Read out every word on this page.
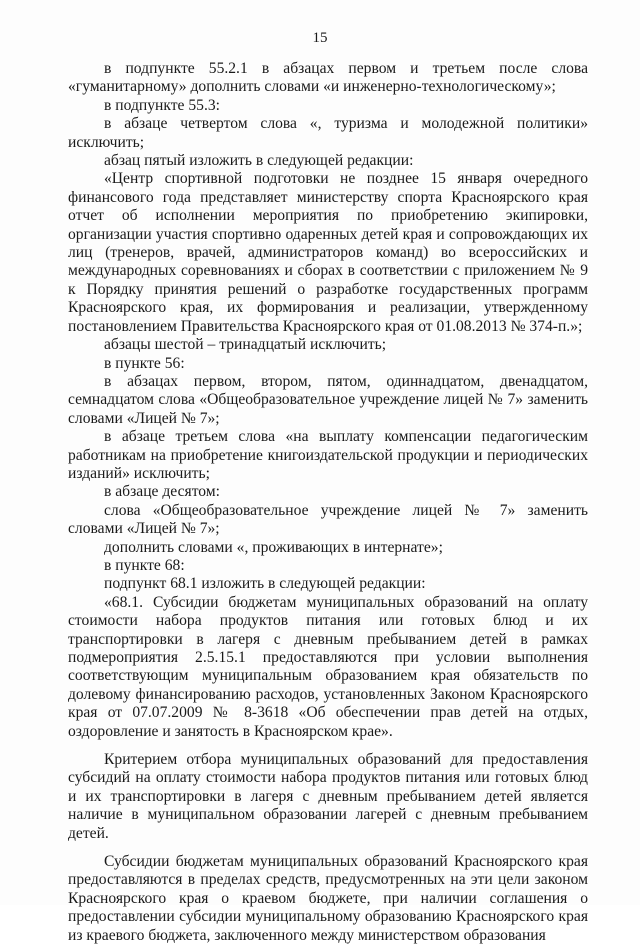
15

в подпункте 55.2.1 в абзацах первом и третьем после слова «гуманитарному» дополнить словами «и инженерно-технологическому»;

в подпункте 55.3:

в абзаце четвертом слова «, туризма и молодежной политики» исключить;

абзац пятый изложить в следующей редакции:

«Центр спортивной подготовки не позднее 15 января очередного финансового года представляет министерству спорта Красноярского края отчет об исполнении мероприятия по приобретению экипировки, организации участия спортивно одаренных детей края и сопровождающих их лиц (тренеров, врачей, администраторов команд) во всероссийских и международных соревнованиях и сборах в соответствии с приложением № 9 к Порядку принятия решений о разработке государственных программ Красноярского края, их формирования и реализации, утвержденному постановлением Правительства Красноярского края от 01.08.2013 № 374-п.»;

абзацы шестой – тринадцатый исключить;

в пункте 56:

в абзацах первом, втором, пятом, одиннадцатом, двенадцатом, семнадцатом слова «Общеобразовательное учреждение лицей № 7» заменить словами «Лицей № 7»;

в абзаце третьем слова «на выплату компенсации педагогическим работникам на приобретение книгоиздательской продукции и периодических изданий» исключить;

в абзаце десятом:

слова «Общеобразовательное учреждение лицей № 7» заменить словами «Лицей № 7»;

дополнить словами «, проживающих в интернате»;

в пункте 68:

подпункт 68.1 изложить в следующей редакции:

«68.1. Субсидии бюджетам муниципальных образований на оплату стоимости набора продуктов питания или готовых блюд и их транспортировки в лагеря с дневным пребыванием детей в рамках подмероприятия 2.5.15.1 предоставляются при условии выполнения соответствующим муниципальным образованием края обязательств по долевому финансированию расходов, установленных Законом Красноярского края от 07.07.2009 № 8-3618 «Об обеспечении прав детей на отдых, оздоровление и занятость в Красноярском крае».

Критерием отбора муниципальных образований для предоставления субсидий на оплату стоимости набора продуктов питания или готовых блюд и их транспортировки в лагеря с дневным пребыванием детей является наличие в муниципальном образовании лагерей с дневным пребыванием детей.

Субсидии бюджетам муниципальных образований Красноярского края предоставляются в пределах средств, предусмотренных на эти цели законом Красноярского края о краевом бюджете, при наличии соглашения о предоставлении субсидии муниципальному образованию Красноярского края из краевого бюджета, заключенного между министерством образования
